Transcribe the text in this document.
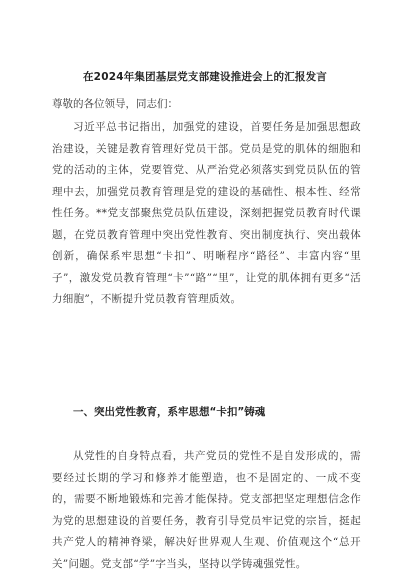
在2024年集团基层党支部建设推进会上的汇报发言
尊敬的各位领导，同志们：

习近平总书记指出，加强党的建设，首要任务是加强思想政治建设，关键是教育管理好党员干部。党员是党的肌体的细胞和党的活动的主体，党要管党、从严治党必须落实到党员队伍的管理中去，加强党员教育管理是党的建设的基础性、根本性、经常性任务。**党支部聚焦党员队伍建设，深刻把握党员教育时代课题，在党员教育管理中突出党性教育、突出制度执行、突出载体创新，确保系牢思想“卡扣”、明晰程序“路径”、丰富内容“里子”，激发党员教育管理“卡”“路”“里”，让党的肌体拥有更多“活力细胞”，不断提升党员教育管理质效。

一、突出党性教育，系牢思想“卡扣”铸魂

从党性的自身特点看，共产党员的党性不是自发形成的，需要经过长期的学习和修养才能塑造，也不是固定的、一成不变的，需要不断地锻炼和完善才能保持。党支部把坚定理想信念作为党的思想建设的首要任务，教育引导党员牢记党的宗旨，挺起共产党人的精神脊梁，解决好世界观人生观、价值观这个“总开关”问题。党支部“学”字当头，坚持以学铸魂强党性。
